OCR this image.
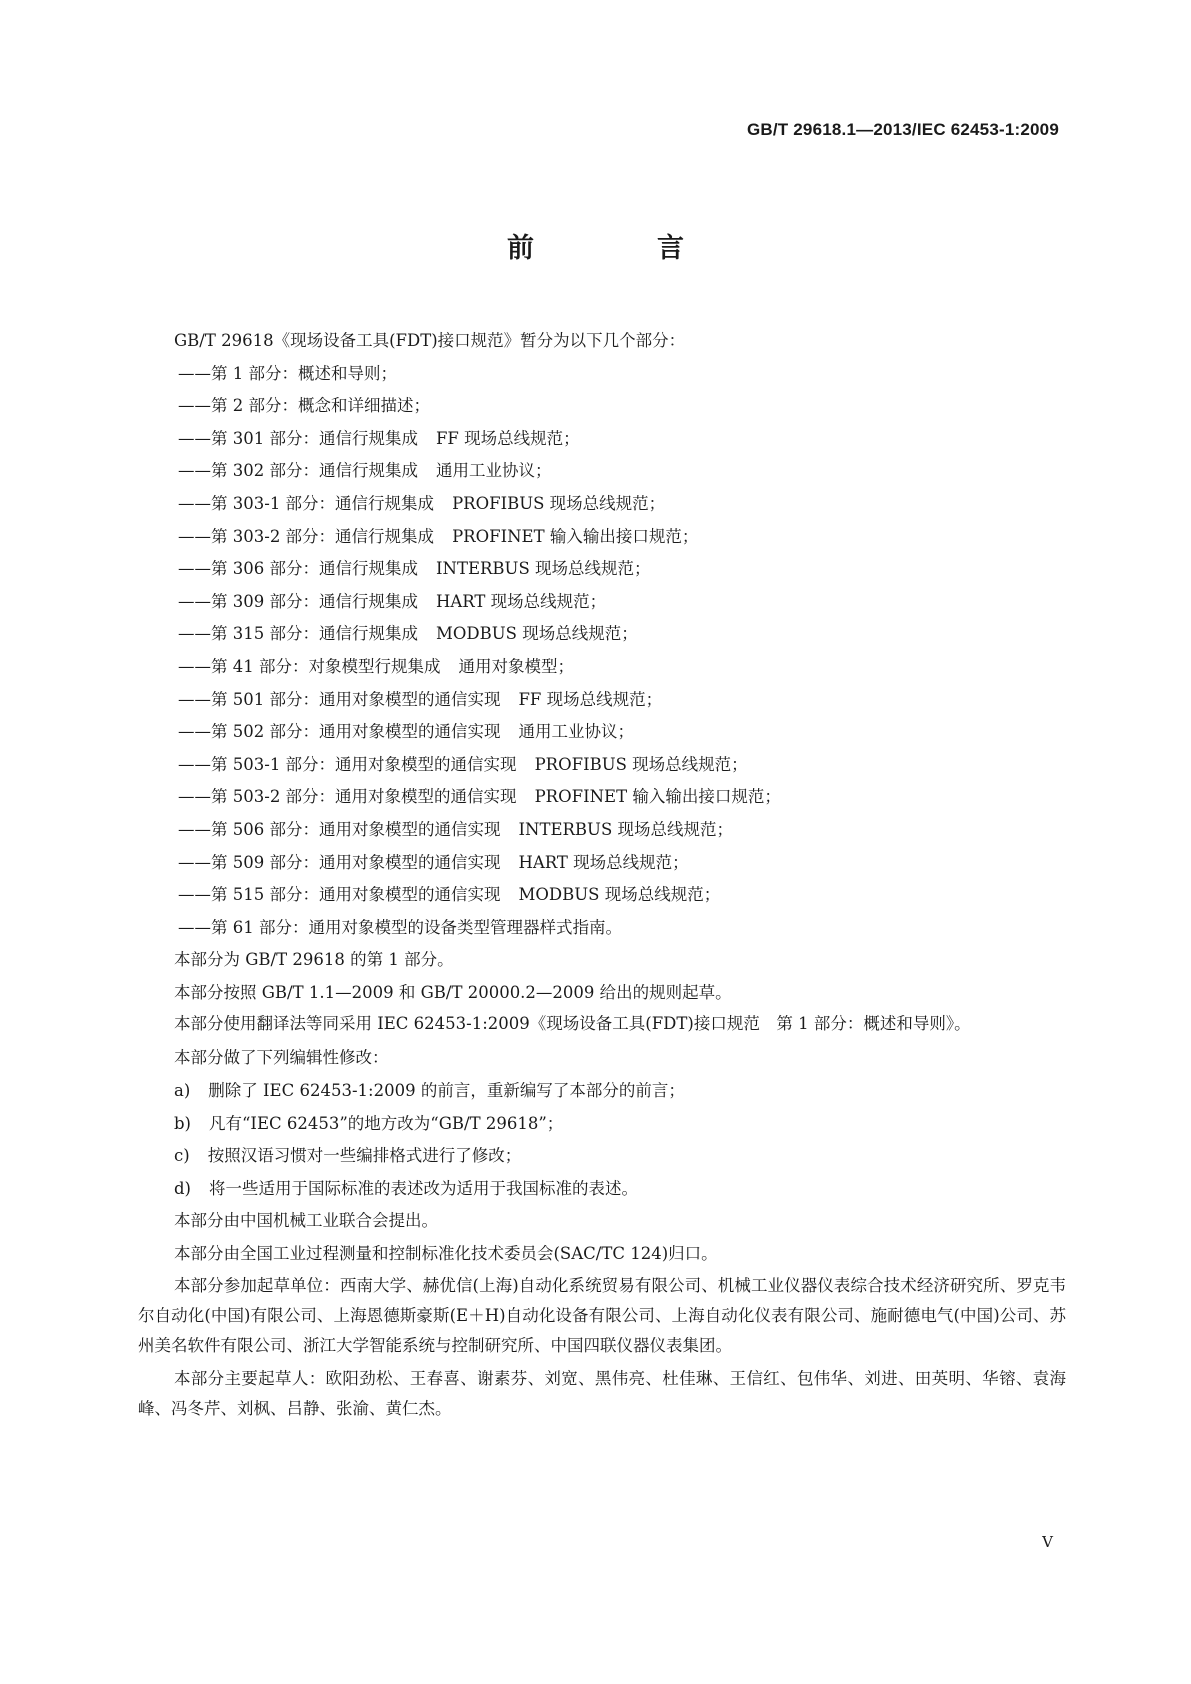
GB/T 29618.1—2013/IEC 62453-1:2009
前　言

GB/T 29618《现场设备工具(FDT)接口规范》暂分为以下几个部分：

——第 1 部分：概述和导则；

——第 2 部分：概念和详细描述；

——第 301 部分：通信行规集成 FF 现场总线规范；

——第 302 部分：通信行规集成 通用工业协议；

——第 303-1 部分：通信行规集成 PROFIBUS 现场总线规范；

——第 303-2 部分：通信行规集成 PROFINET 输入输出接口规范；

——第 306 部分：通信行规集成 INTERBUS 现场总线规范；

——第 309 部分：通信行规集成 HART 现场总线规范；

——第 315 部分：通信行规集成 MODBUS 现场总线规范；

——第 41 部分：对象模型行规集成 通用对象模型；

——第 501 部分：通用对象模型的通信实现 FF 现场总线规范；

——第 502 部分：通用对象模型的通信实现 通用工业协议；

——第 503-1 部分：通用对象模型的通信实现 PROFIBUS 现场总线规范；

——第 503-2 部分：通用对象模型的通信实现 PROFINET 输入输出接口规范；

——第 506 部分：通用对象模型的通信实现 INTERBUS 现场总线规范；

——第 509 部分：通用对象模型的通信实现 HART 现场总线规范；

——第 515 部分：通用对象模型的通信实现 MODBUS 现场总线规范；

——第 61 部分：通用对象模型的设备类型管理器样式指南。

本部分为 GB/T 29618 的第 1 部分。

本部分按照 GB/T 1.1—2009 和 GB/T 20000.2—2009 给出的规则起草。

本部分使用翻译法等同采用 IEC 62453-1:2009《现场设备工具(FDT)接口规范　第 1 部分：概述和导则》。

本部分做了下列编辑性修改：

a) 删除了 IEC 62453-1:2009 的前言，重新编写了本部分的前言；

b) 凡有“IEC 62453”的地方改为“GB/T 29618”；

c) 按照汉语习惯对一些编排格式进行了修改；

d) 将一些适用于国际标准的表述改为适用于我国标准的表述。

本部分由中国机械工业联合会提出。

本部分由全国工业过程测量和控制标准化技术委员会(SAC/TC 124)归口。

本部分参加起草单位：西南大学、赫优信(上海)自动化系统贸易有限公司、机械工业仪器仪表综合技术经济研究所、罗克韦尔自动化(中国)有限公司、上海恩德斯豪斯(E＋H)自动化设备有限公司、上海自动化仪表有限公司、施耐德电气(中国)公司、苏州美名软件有限公司、浙江大学智能系统与控制研究所、中国四联仪器仪表集团。

本部分主要起草人：欧阳劲松、王春喜、谢素芬、刘宽、黑伟亮、杜佳琳、王信红、包伟华、刘进、田英明、华镕、袁海峰、冯冬芹、刘枫、吕静、张渝、黄仁杰。

V
